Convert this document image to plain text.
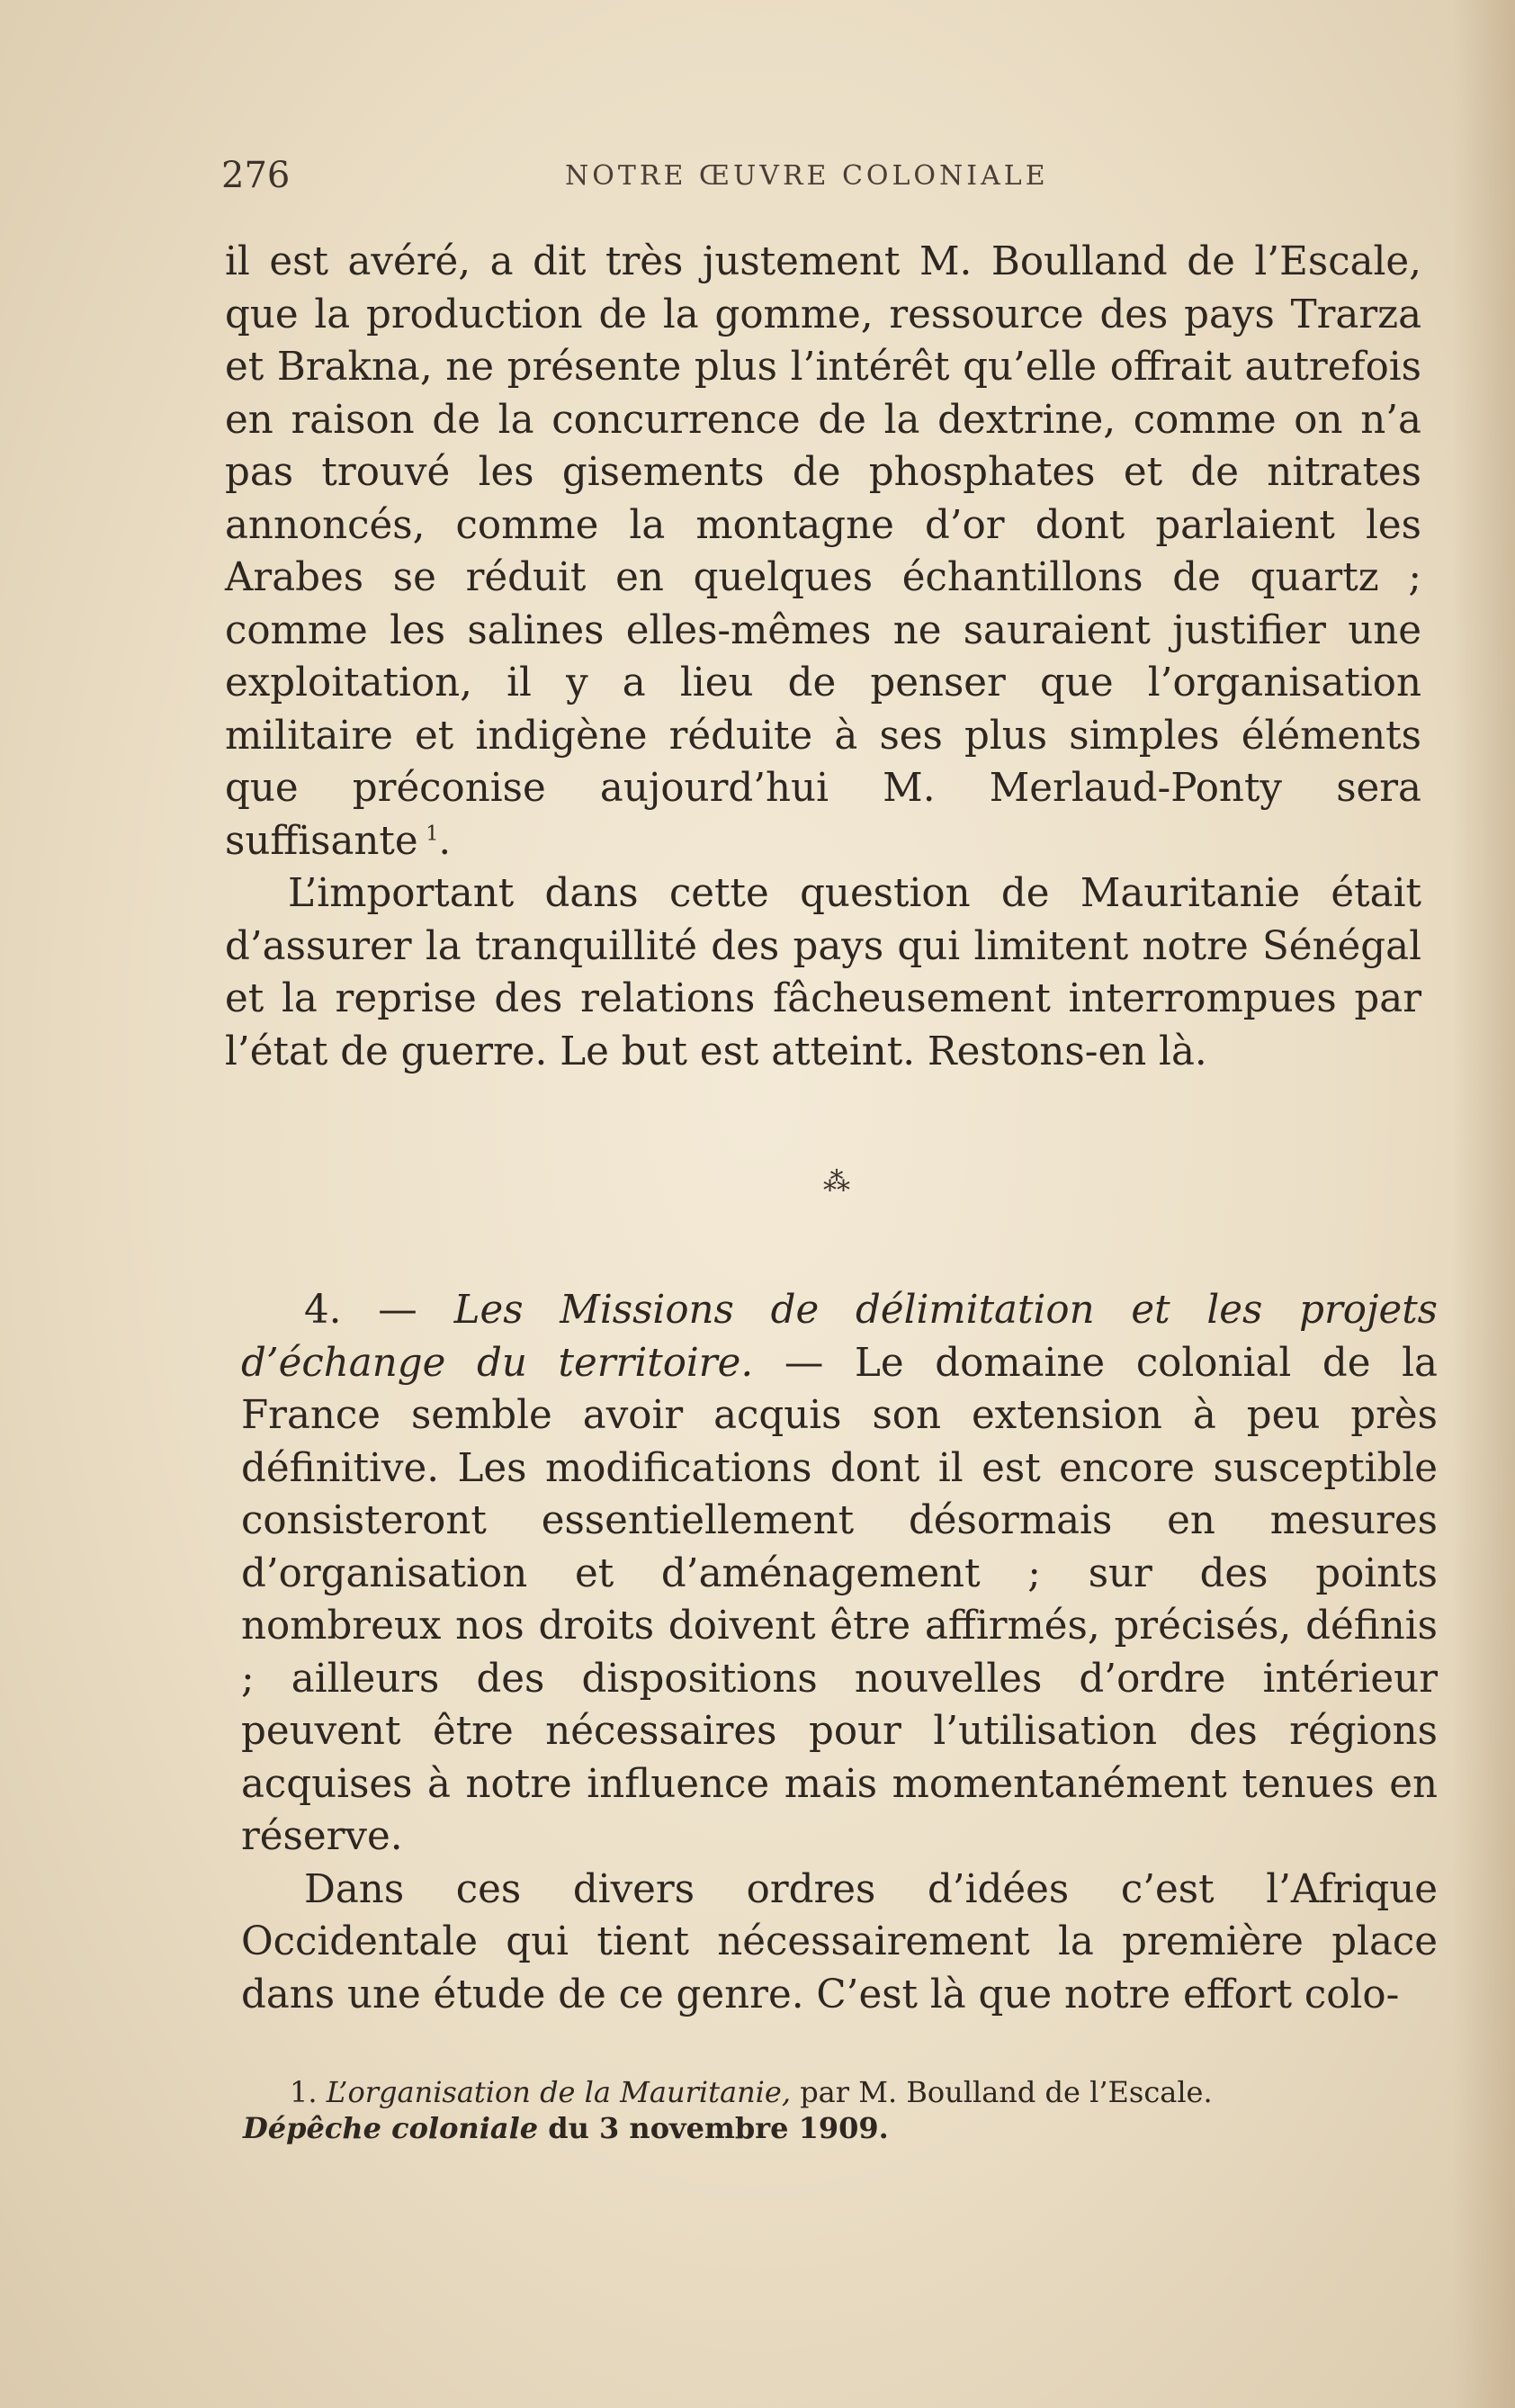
276	NOTRE ŒUVRE COLONIALE

il est avéré, a dit très justement M. Boulland de l’Escale, que la production de la gomme, ressource des pays Trarza et Brakna, ne présente plus l’intérêt qu’elle offrait autrefois en raison de la concurrence de la dextrine, comme on n’a pas trouvé les gisements de phosphates et de nitrates annoncés, comme la montagne d’or dont parlaient les Arabes se réduit en quelques échantillons de quartz ; comme les salines elles-mêmes ne sauraient justifier une exploitation, il y a lieu de penser que l’organisation militaire et indigène réduite à ses plus simples éléments que préconise aujourd’hui M. Merlaud-Ponty sera suffisante  $^1$.

L’important dans cette question de Mauritanie était d’assurer la tranquillité des pays qui limitent notre Sénégal et la reprise des relations fâcheusement interrompues par l’état de guerre. Le but est atteint. Restons-en là.

⁂

4. — Les Missions de délimitation et les projets d’échange du territoire. — Le domaine colonial de la France semble avoir acquis son extension à peu près définitive. Les modifications dont il est encore susceptible consisteront essentiellement désormais en mesures d’organisation et d’aménagement ; sur des points nombreux nos droits doivent être affirmés, précisés, définis ; ailleurs des dispositions nouvelles d’ordre intérieur peuvent être nécessaires pour l’utilisation des régions acquises à notre influence mais momentanément tenues en réserve.

Dans ces divers ordres d’idées c’est l’Afrique Occidentale qui tient nécessairement la première place dans une étude de ce genre. C’est là que notre effort colo-

1. L’organisation de la Mauritanie, par M. Boulland de l’Escale.
Dépêche coloniale du 3 novembre 1909.
